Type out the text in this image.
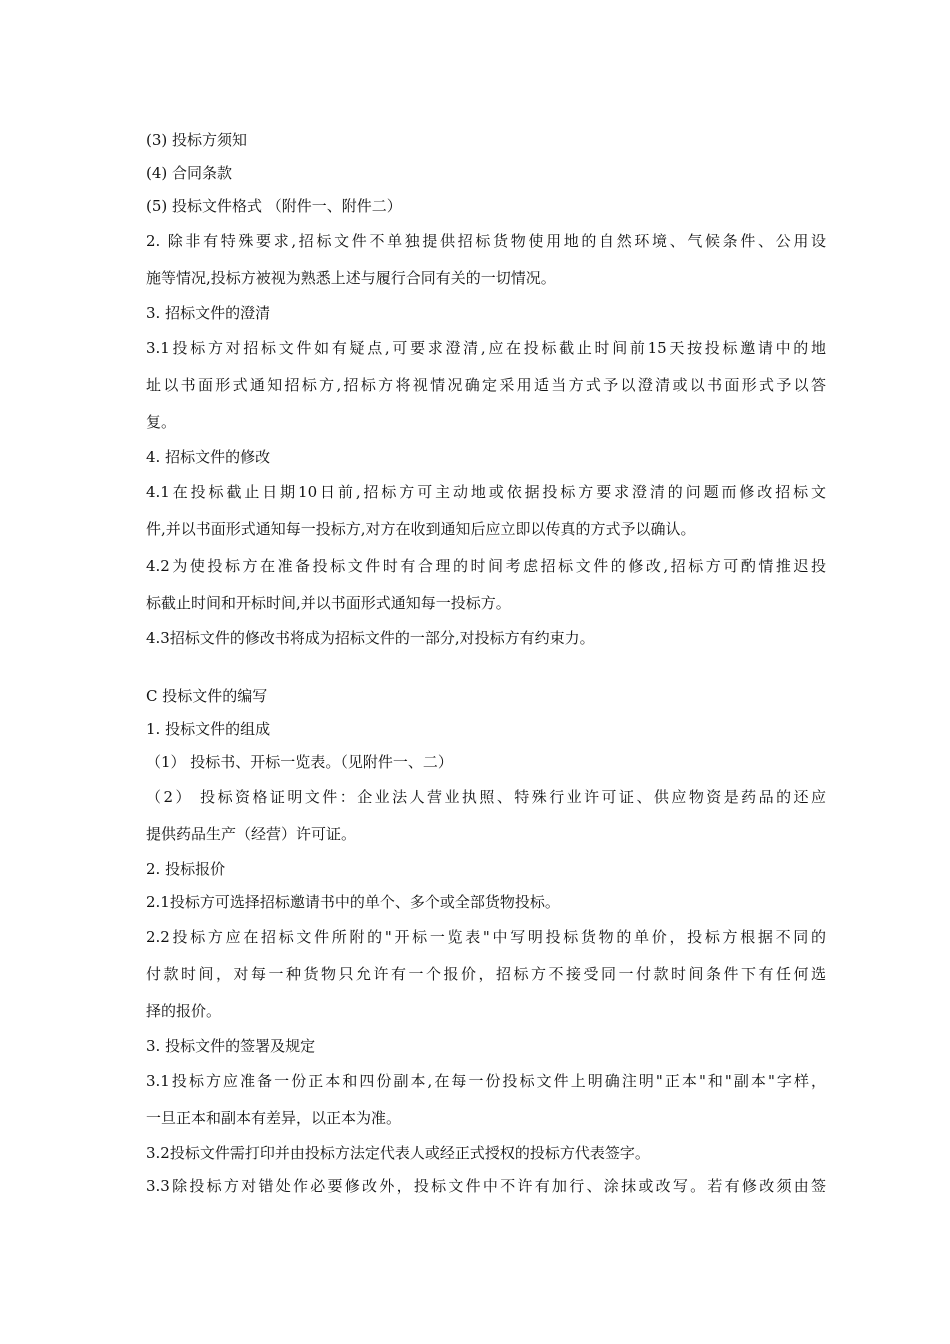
(3) 投标方须知
(4) 合同条款
(5) 投标文件格式 （附件一、附件二）
2. 除非有特殊要求,招标文件不单独提供招标货物使用地的自然环境、气候条件、公用设
施等情况,投标方被视为熟悉上述与履行合同有关的一切情况。
3. 招标文件的澄清
3.1投标方对招标文件如有疑点,可要求澄清,应在投标截止时间前15天按投标邀请中的地
址以书面形式通知招标方,招标方将视情况确定采用适当方式予以澄清或以书面形式予以答
复。
4. 招标文件的修改
4.1在投标截止日期10日前,招标方可主动地或依据投标方要求澄清的问题而修改招标文
件,并以书面形式通知每一投标方,对方在收到通知后应立即以传真的方式予以确认。
4.2为使投标方在准备投标文件时有合理的时间考虑招标文件的修改,招标方可酌情推迟投
标截止时间和开标时间,并以书面形式通知每一投标方。
4.3招标文件的修改书将成为招标文件的一部分,对投标方有约束力。
C 投标文件的编写
1. 投标文件的组成
（1） 投标书、开标一览表。（见附件一、二）
（2） 投标资格证明文件：企业法人营业执照、特殊行业许可证、供应物资是药品的还应
提供药品生产（经营）许可证。
2. 投标报价
2.1投标方可选择招标邀请书中的单个、多个或全部货物投标。
2.2投标方应在招标文件所附的"开标一览表"中写明投标货物的单价，投标方根据不同的
付款时间，对每一种货物只允许有一个报价，招标方不接受同一付款时间条件下有任何选
择的报价。
3. 投标文件的签署及规定
3.1投标方应准备一份正本和四份副本,在每一份投标文件上明确注明"正本"和"副本"字样，
一旦正本和副本有差异，以正本为准。
3.2投标文件需打印并由投标方法定代表人或经正式授权的投标方代表签字。
3.3除投标方对错处作必要修改外，投标文件中不许有加行、涂抹或改写。若有修改须由签
